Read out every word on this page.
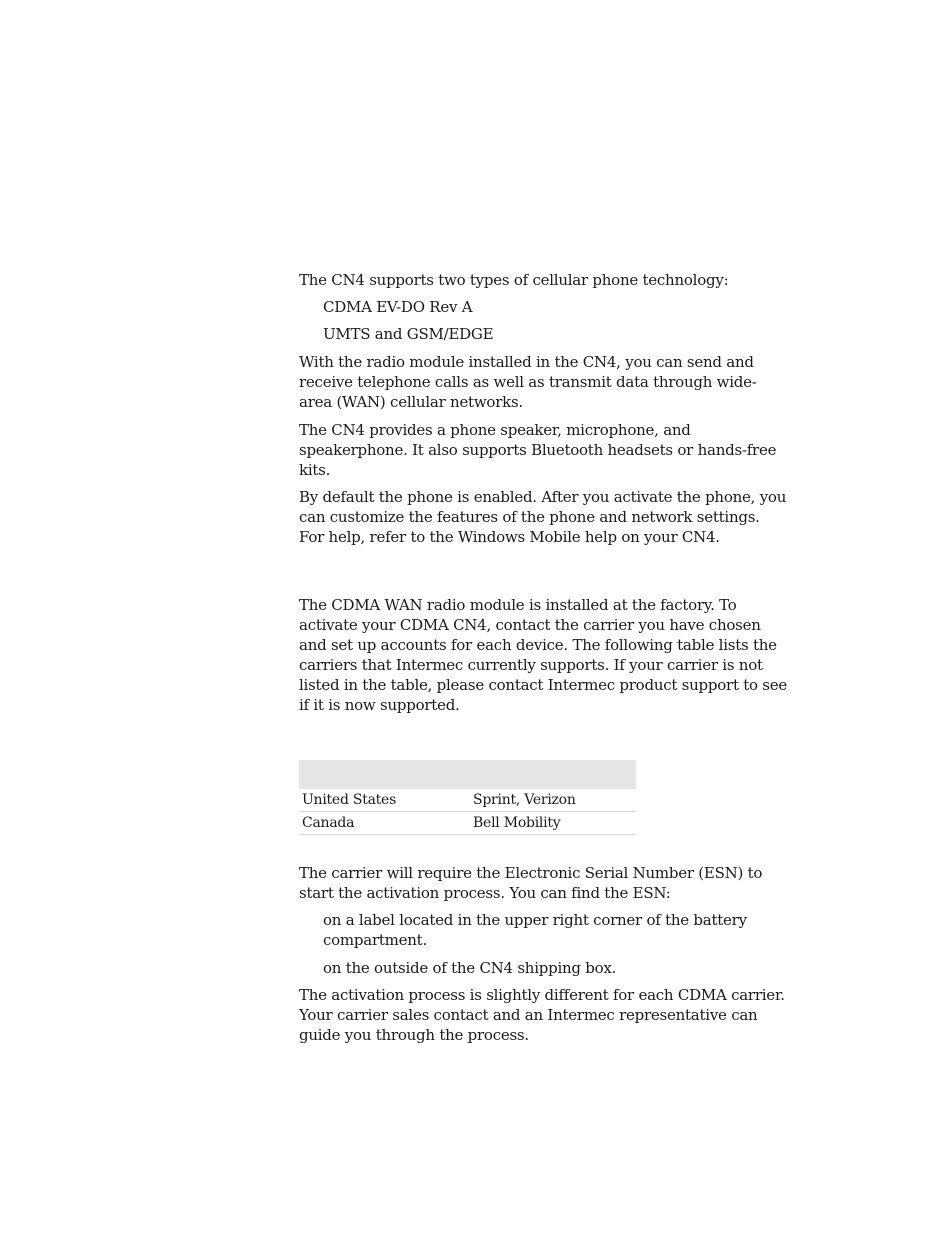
The CN4 supports two types of cellular phone technology:

CDMA EV-DO Rev A

UMTS and GSM/EDGE

With the radio module installed in the CN4, you can send and receive telephone calls as well as transmit data through wide-area (WAN) cellular networks.

The CN4 provides a phone speaker, microphone, and speakerphone. It also supports Bluetooth headsets or hands-free kits.

By default the phone is enabled. After you activate the phone, you can customize the features of the phone and network settings. For help, refer to the Windows Mobile help on your CN4.

The CDMA WAN radio module is installed at the factory. To activate your CDMA CN4, contact the carrier you have chosen and set up accounts for each device. The following table lists the carriers that Intermec currently supports. If your carrier is not listed in the table, please contact Intermec product support to see if it is now supported.

United States	Sprint, Verizon
Canada	Bell Mobility

The carrier will require the Electronic Serial Number (ESN) to start the activation process. You can find the ESN:

on a label located in the upper right corner of the battery compartment.

on the outside of the CN4 shipping box.

The activation process is slightly different for each CDMA carrier. Your carrier sales contact and an Intermec representative can guide you through the process.
